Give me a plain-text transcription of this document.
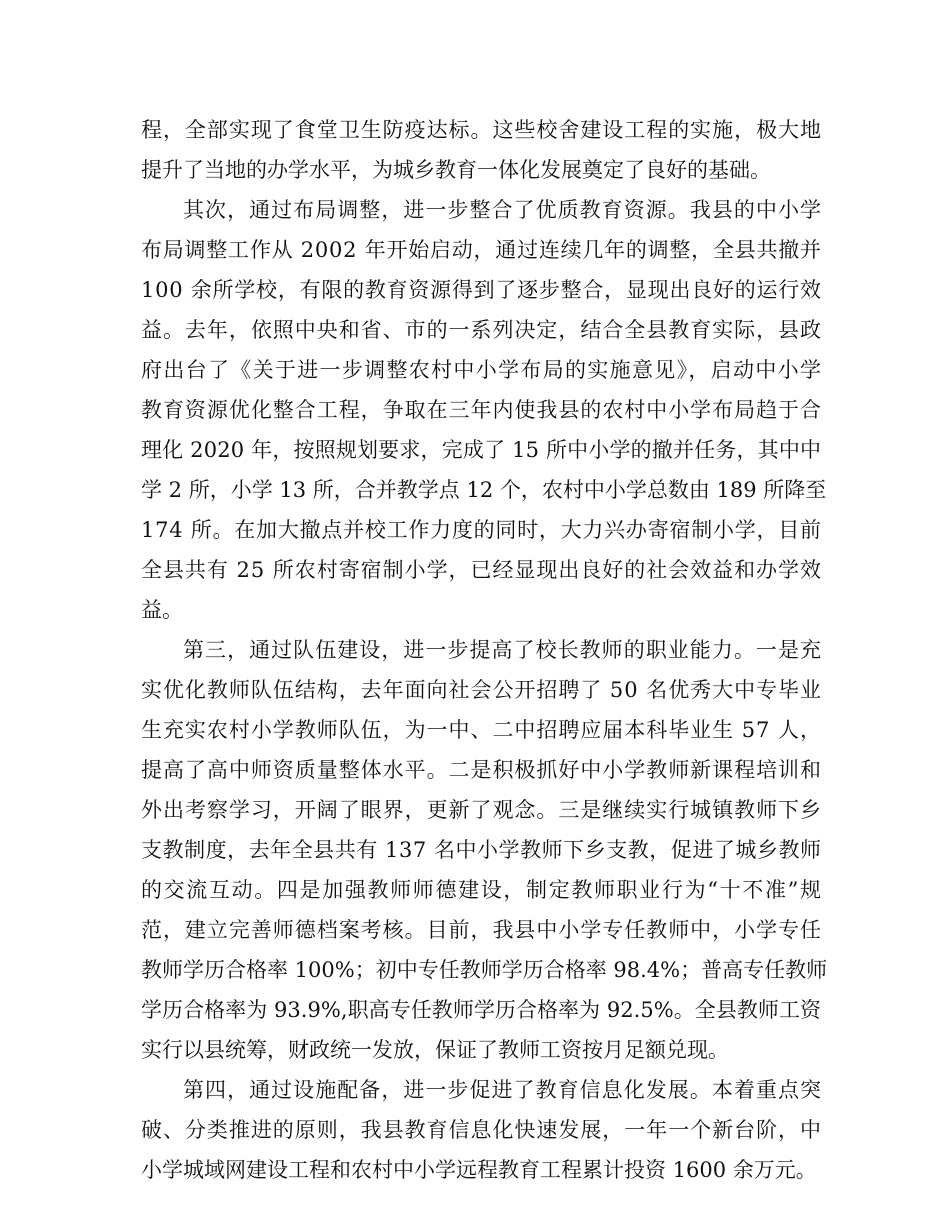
程，全部实现了食堂卫生防疫达标。这些校舍建设工程的实施，极大地
提升了当地的办学水平，为城乡教育一体化发展奠定了良好的基础。
其次，通过布局调整，进一步整合了优质教育资源。我县的中小学
布局调整工作从 2002 年开始启动，通过连续几年的调整，全县共撤并
100 余所学校，有限的教育资源得到了逐步整合，显现出良好的运行效
益。去年，依照中央和省、市的一系列决定，结合全县教育实际，县政
府出台了《关于进一步调整农村中小学布局的实施意见》，启动中小学
教育资源优化整合工程，争取在三年内使我县的农村中小学布局趋于合
理化 2020 年，按照规划要求，完成了 15 所中小学的撤并任务，其中中
学 2 所，小学 13 所，合并教学点 12 个，农村中小学总数由 189 所降至
174 所。在加大撤点并校工作力度的同时，大力兴办寄宿制小学，目前
全县共有 25 所农村寄宿制小学，已经显现出良好的社会效益和办学效
益。
第三，通过队伍建设，进一步提高了校长教师的职业能力。一是充
实优化教师队伍结构，去年面向社会公开招聘了 50 名优秀大中专毕业
生充实农村小学教师队伍，为一中、二中招聘应届本科毕业生 57 人，
提高了高中师资质量整体水平。二是积极抓好中小学教师新课程培训和
外出考察学习，开阔了眼界，更新了观念。三是继续实行城镇教师下乡
支教制度，去年全县共有 137 名中小学教师下乡支教，促进了城乡教师
的交流互动。四是加强教师师德建设，制定教师职业行为“十不准”规
范，建立完善师德档案考核。目前，我县中小学专任教师中，小学专任
教师学历合格率 100%；初中专任教师学历合格率 98.4%；普高专任教师
学历合格率为 93.9%,职高专任教师学历合格率为 92.5%。全县教师工资
实行以县统筹，财政统一发放，保证了教师工资按月足额兑现。
第四，通过设施配备，进一步促进了教育信息化发展。本着重点突
破、分类推进的原则，我县教育信息化快速发展，一年一个新台阶，中
小学城域网建设工程和农村中小学远程教育工程累计投资 1600 余万元。
